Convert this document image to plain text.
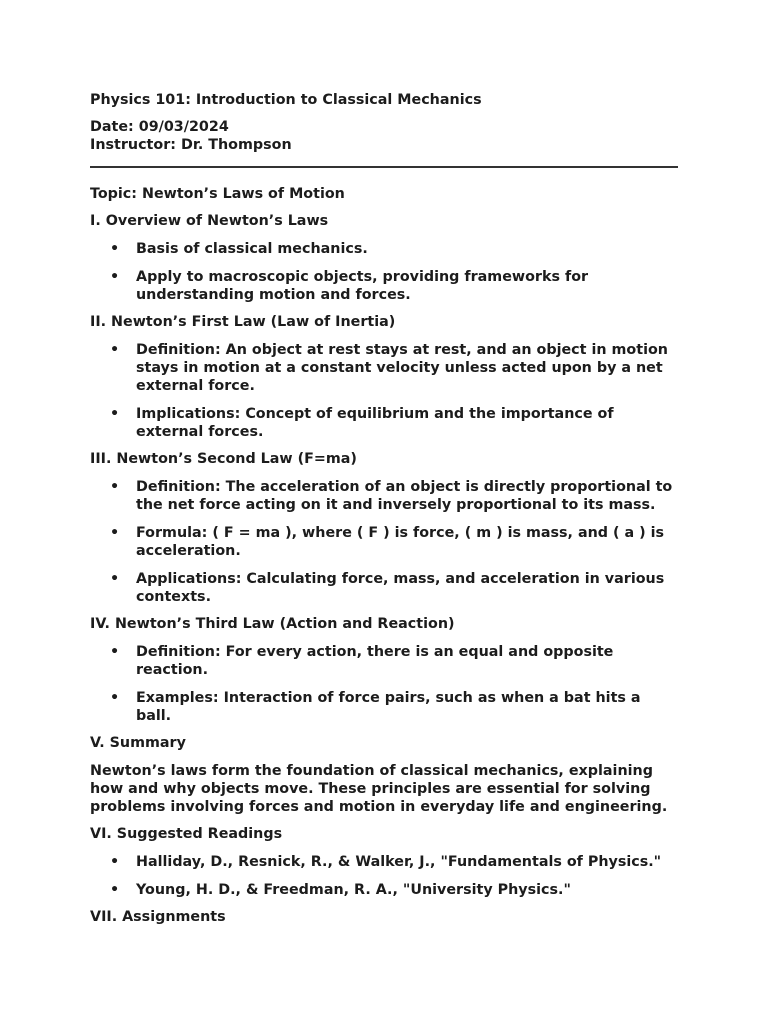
Physics 101: Introduction to Classical Mechanics
Date: 09/03/2024
Instructor: Dr. Thompson
Topic: Newton’s Laws of Motion
I. Overview of Newton’s Laws
• Basis of classical mechanics.
• Apply to macroscopic objects, providing frameworks for understanding motion and forces.
II. Newton’s First Law (Law of Inertia)
• Definition: An object at rest stays at rest, and an object in motion stays in motion at a constant velocity unless acted upon by a net external force.
• Implications: Concept of equilibrium and the importance of external forces.
III. Newton’s Second Law (F=ma)
• Definition: The acceleration of an object is directly proportional to the net force acting on it and inversely proportional to its mass.
• Formula: ( F = ma ), where ( F ) is force, ( m ) is mass, and ( a ) is acceleration.
• Applications: Calculating force, mass, and acceleration in various contexts.
IV. Newton’s Third Law (Action and Reaction)
• Definition: For every action, there is an equal and opposite reaction.
• Examples: Interaction of force pairs, such as when a bat hits a ball.
V. Summary

Newton’s laws form the foundation of classical mechanics, explaining how and why objects move. These principles are essential for solving problems involving forces and motion in everyday life and engineering.

VI. Suggested Readings
• Halliday, D., Resnick, R., & Walker, J., "Fundamentals of Physics."
• Young, H. D., & Freedman, R. A., "University Physics."
VII. Assignments
